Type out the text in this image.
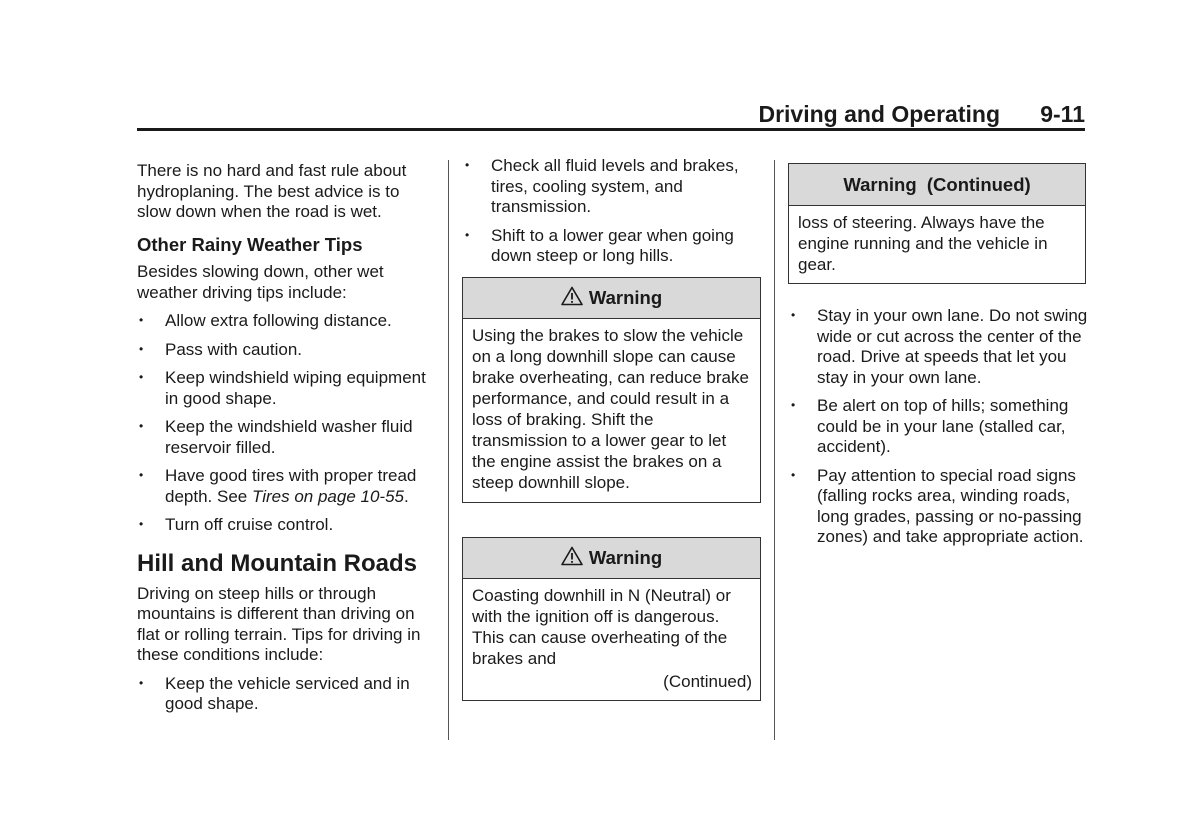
Driving and Operating 9-11

There is no hard and fast rule about hydroplaning. The best advice is to slow down when the road is wet.

Other Rainy Weather Tips

Besides slowing down, other wet weather driving tips include:

• Allow extra following distance.
• Pass with caution.
• Keep windshield wiping equipment in good shape.
• Keep the windshield washer fluid reservoir filled.
• Have good tires with proper tread depth. See Tires on page 10-55.
• Turn off cruise control.

Hill and Mountain Roads

Driving on steep hills or through mountains is different than driving on flat or rolling terrain. Tips for driving in these conditions include:

• Keep the vehicle serviced and in good shape.
• Check all fluid levels and brakes, tires, cooling system, and transmission.
• Shift to a lower gear when going down steep or long hills.
Warning
Using the brakes to slow the vehicle on a long downhill slope can cause brake overheating, can reduce brake performance, and could result in a loss of braking. Shift the transmission to a lower gear to let the engine assist the brakes on a steep downhill slope.
Warning
Coasting downhill in N (Neutral) or with the ignition off is dangerous. This can cause overheating of the brakes and
(Continued)
Warning  (Continued)
loss of steering. Always have the engine running and the vehicle in gear.
• Stay in your own lane. Do not swing wide or cut across the center of the road. Drive at speeds that let you stay in your own lane.
• Be alert on top of hills; something could be in your lane (stalled car, accident).
• Pay attention to special road signs (falling rocks area, winding roads, long grades, passing or no-passing zones) and take appropriate action.
